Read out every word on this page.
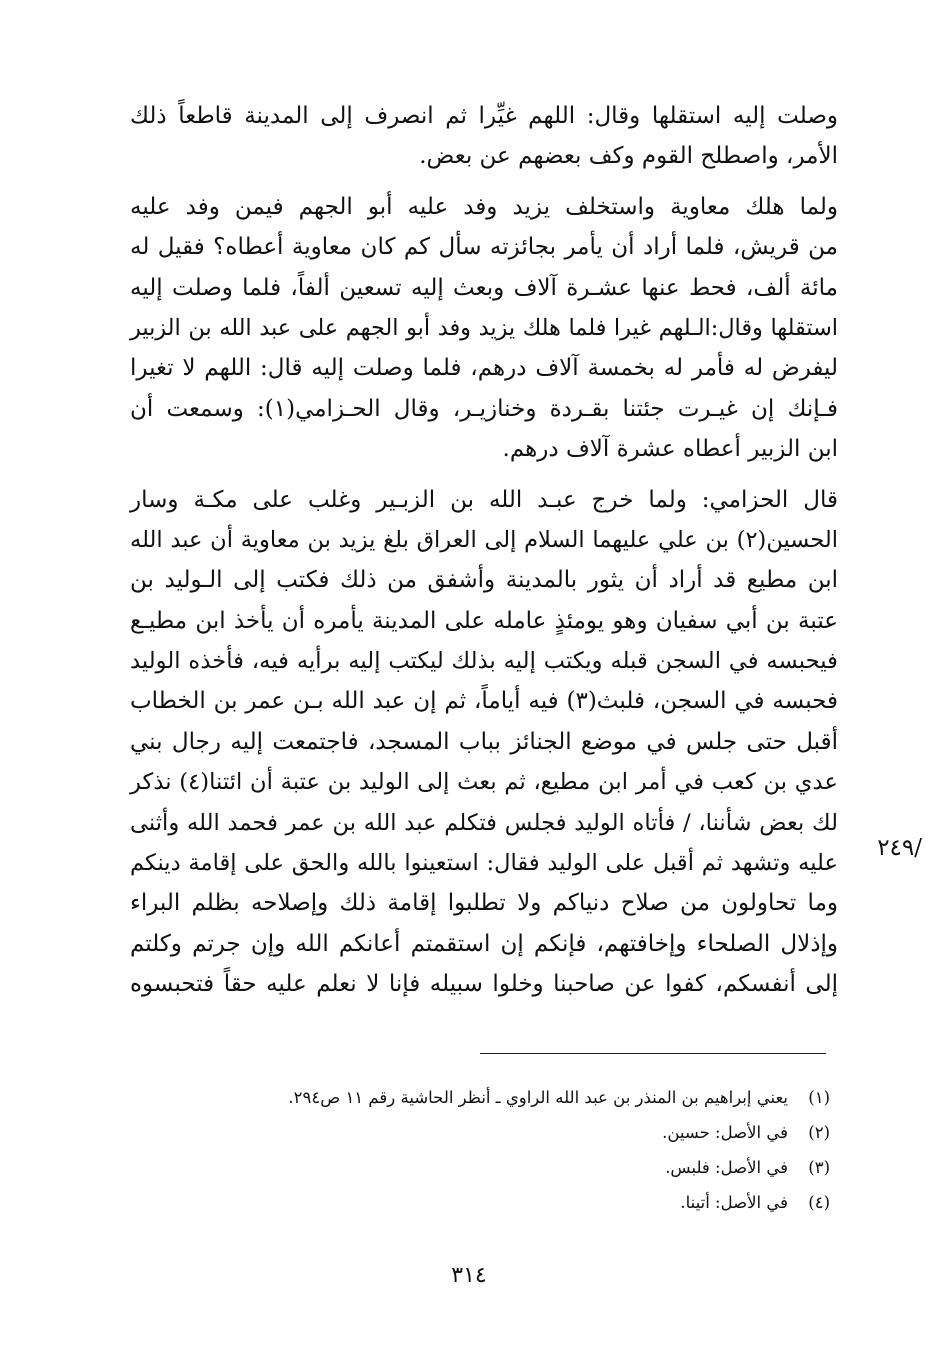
وصلت إليه استقلها وقال: اللهم غيِّرا ثم انصرف إلى المدينة قاطعاً ذلك
الأمر، واصطلح القوم وكف بعضهم عن بعض.
ولما هلك معاوية واستخلف يزيد وفد عليه أبو الجهم فيمن وفد عليه
من قريش، فلما أراد أن يأمر بجائزته سأل كم كان معاوية أعطاه؟ فقيل له
مائة ألف، فحط عنها عشـرة آلاف وبعث إليه تسعين ألفاً، فلما وصلت إليه
استقلها وقال:الـلهم غيرا فلما هلك يزيد وفد أبو الجهم على عبد الله بن الزبير
ليفرض له فأمر له بخمسة آلاف درهم، فلما وصلت إليه قال: اللهم لا تغيرا
فـإنك إن غيـرت جئتنا بقـردة وخنازيـر، وقال الحـزامي(١): وسمعت أن
ابن الزبير أعطاه عشرة آلاف درهم.
قال الحزامي: ولما خرج عبـد الله بن الزبـير وغلب على مكـة وسار
الحسين(٢) بن علي عليهما السلام إلى العراق بلغ يزيد بن معاوية أن عبد الله
ابن مطيع قد أراد أن يثور بالمدينة وأشفق من ذلك فكتب إلى الـوليد بن
عتبة بن أبي سفيان وهو يومئذٍ عامله على المدينة يأمره أن يأخذ ابن مطيـع
فيحبسه في السجن قبله ويكتب إليه بذلك ليكتب إليه برأيه فيه، فأخذه الوليد
فحبسه في السجن، فلبث(٣) فيه أياماً، ثم إن عبد الله بـن عمر بن الخطاب
أقبل حتى جلس في موضع الجنائز بباب المسجد، فاجتمعت إليه رجال بني
عدي بن كعب في أمر ابن مطيع، ثم بعث إلى الوليد بن عتبة أن ائتنا(٤) نذكر
لك بعض شأننا، / فأتاه الوليد فجلس فتكلم عبد الله بن عمر فحمد الله وأثنى
عليه وتشهد ثم أقبل على الوليد فقال: استعينوا بالله والحق على إقامة دينكم
وما تحاولون من صلاح دنياكم ولا تطلبوا إقامة ذلك وإصلاحه بظلم البراء
وإذلال الصلحاء وإخافتهم، فإنكم إن استقمتم أعانكم الله وإن جرتم وكلتم
إلى أنفسكم، كفوا عن صاحبنا وخلوا سبيله فإنا لا نعلم عليه حقاً فتحبسوه
/٢٤٩
(١)يعني إبراهيم بن المنذر بن عبد الله الراوي ـ أنظر الحاشية رقم ١١ ص٢٩٤.
(٢)في الأصل: حسين.
(٣)في الأصل: فلبس.
(٤)في الأصل: أتينا.
٣١٤
